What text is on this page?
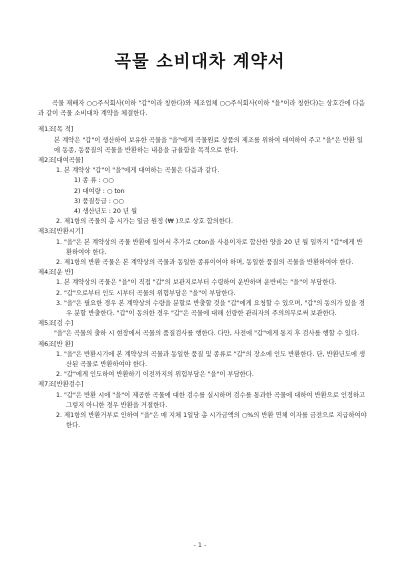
곡물 소비대차 계약서

곡물 재배자 ○○주식회사(이하 "갑"이라 칭한다)와 제조업체 ○○주식회사(이하 "을"이라 칭한다)는 상호간에 다음과 같이 곡물 소비대차 계약을 체결한다.

제1조[목 적]

본 계약은 "갑"이 생산하여 보유한 곡물을 "을"에게 곡물원료 상품의 제조를 위하여 대여하여 주고 "을"은 반환 일에 동종, 동품질의 곡물을 반환하는 내용을 규율함을 목적으로 한다.

제2조[대여곡물]

1. 본 계약상 "갑"이 "을"에게 대여하는 곡물은 다음과 같다.

1) 종 류 : ○○

2) 대여량 : ○ ton

3) 품질등급 : ○○

4) 생산년도 : 20 년 월

2. 제1항의 곡물의 총 시가는 일금 원정 (₩ )으로 상호 합의한다.

제3조[반환시기]

1. "을"은 본 계약상의 곡물 반환에 있어서 추가로 ○ton을 사용이자로 합산한 양을 20 년 월 일까지 "갑"에게 반환하여야 한다.

2. 제1항의 반환 곡물은 본 계약상의 곡물과 동일한 종류이어야 하며, 동일한 품질의 곡물을 반환하여야 한다.

제4조[운 반]

1. 본 계약상의 곡물은 "을"이 직접 "갑"의 보관지로부터 수령하여 운반하며 운반비는 "을"이 부담한다.

2. "갑"으로부터 인도 시부터 곡물의 위험부담은 "을"이 부담한다.

3. "을"은 필요한 경우 본 계약상의 수량을 분할로 반출할 것을 "갑"에게 요청할 수 있으며, "갑"의 동의가 있을 경우 분할 반출한다. "갑"이 동의한 경우 "갑"은 곡물에 대해 선량한 관리자의 주의의무로써 보관한다.

제5조[검 수]

"을"은 곡물의 출하 시 현장에서 곡물의 품질검사를 행한다. 다만, 사전에 "갑"에게 통지 후 검사를 행할 수 있다.

제6조[반 환]

1. "을"은 반환시기에 본 계약상의 곡물과 동일한 품질 및 종류로 "갑"의 장소에 인도 반환한다. 단, 반환년도에 생산된 곡물로 반환하여야 한다.

2. "갑"에게 인도하여 반환하기 이전까지의 위험부담은 "을"이 부담한다.

제7조[반환검수]

1. "갑"은 반환 시에 "을"이 제공한 곡물에 대한 검수를 실시하며 검수를 통과한 곡물에 대하여 반환으로 인정하고 그렇지 아니한 경우 반환을 거절한다.

2. 제1항의 반환거부로 인하여 "을"은 매 지체 1일당 총 시가금액의 ○%의 반환 연체 이자를 금전으로 지급하여야 한다.

- 1 -
